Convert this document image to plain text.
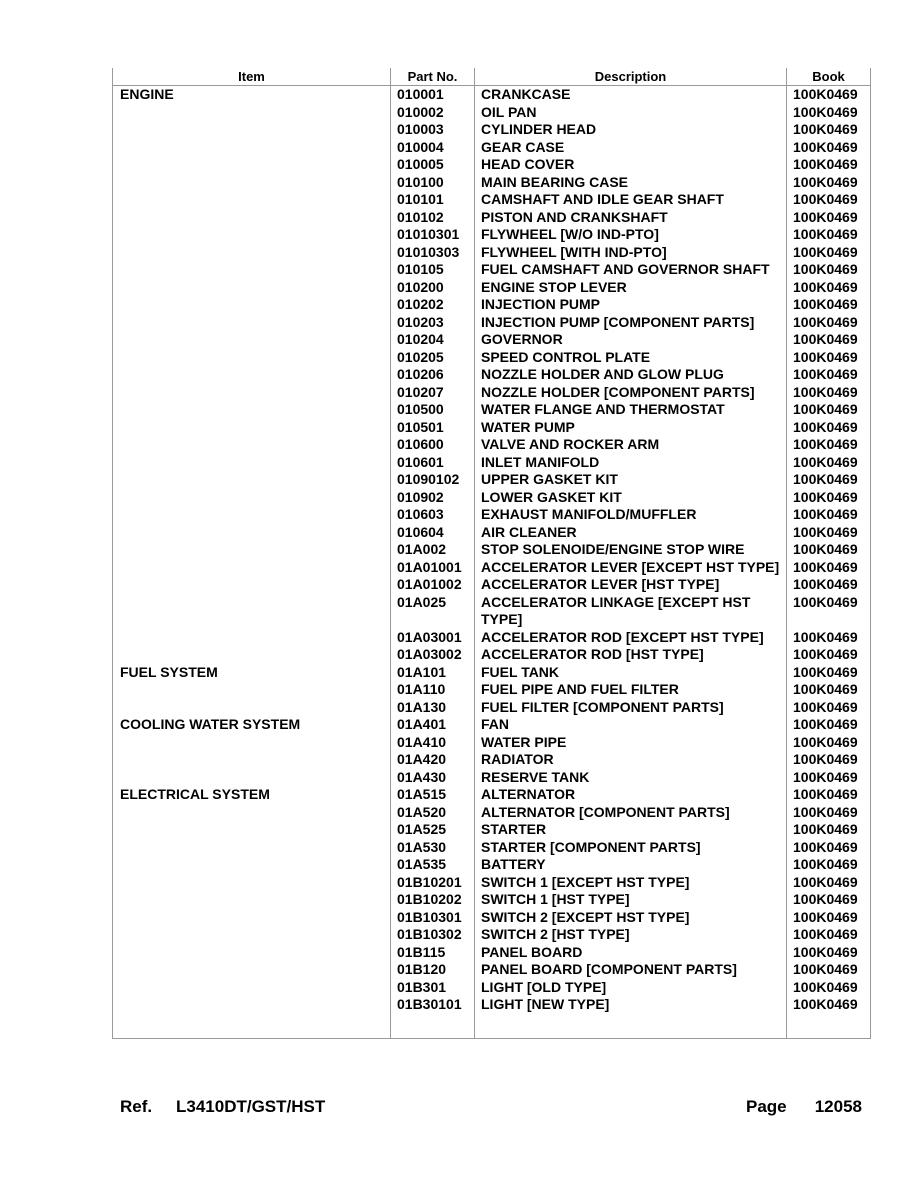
Item	Part No.	Description	Book
ENGINE	010001	CRANKCASE	100K0469
	010002	OIL PAN	100K0469
	010003	CYLINDER HEAD	100K0469
	010004	GEAR CASE	100K0469
	010005	HEAD COVER	100K0469
	010100	MAIN BEARING CASE	100K0469
	010101	CAMSHAFT AND IDLE GEAR SHAFT	100K0469
	010102	PISTON AND CRANKSHAFT	100K0469
	01010301	FLYWHEEL [W/O IND-PTO]	100K0469
	01010303	FLYWHEEL [WITH IND-PTO]	100K0469
	010105	FUEL CAMSHAFT AND GOVERNOR SHAFT	100K0469
	010200	ENGINE STOP LEVER	100K0469
	010202	INJECTION PUMP	100K0469
	010203	INJECTION PUMP [COMPONENT PARTS]	100K0469
	010204	GOVERNOR	100K0469
	010205	SPEED CONTROL PLATE	100K0469
	010206	NOZZLE HOLDER AND GLOW PLUG	100K0469
	010207	NOZZLE HOLDER [COMPONENT PARTS]	100K0469
	010500	WATER FLANGE AND THERMOSTAT	100K0469
	010501	WATER PUMP	100K0469
	010600	VALVE AND ROCKER ARM	100K0469
	010601	INLET MANIFOLD	100K0469
	01090102	UPPER GASKET KIT	100K0469
	010902	LOWER GASKET KIT	100K0469
	010603	EXHAUST MANIFOLD/MUFFLER	100K0469
	010604	AIR CLEANER	100K0469
	01A002	STOP SOLENOIDE/ENGINE STOP WIRE	100K0469
	01A01001	ACCELERATOR LEVER [EXCEPT HST TYPE]	100K0469
	01A01002	ACCELERATOR LEVER [HST TYPE]	100K0469
	01A025	ACCELERATOR LINKAGE [EXCEPT HST TYPE]	100K0469
	01A03001	ACCELERATOR ROD [EXCEPT HST TYPE]	100K0469
	01A03002	ACCELERATOR ROD [HST TYPE]	100K0469
FUEL SYSTEM	01A101	FUEL TANK	100K0469
	01A110	FUEL PIPE AND FUEL FILTER	100K0469
	01A130	FUEL FILTER [COMPONENT PARTS]	100K0469
COOLING WATER SYSTEM	01A401	FAN	100K0469
	01A410	WATER PIPE	100K0469
	01A420	RADIATOR	100K0469
	01A430	RESERVE TANK	100K0469
ELECTRICAL SYSTEM	01A515	ALTERNATOR	100K0469
	01A520	ALTERNATOR [COMPONENT PARTS]	100K0469
	01A525	STARTER	100K0469
	01A530	STARTER [COMPONENT PARTS]	100K0469
	01A535	BATTERY	100K0469
	01B10201	SWITCH 1 [EXCEPT HST TYPE]	100K0469
	01B10202	SWITCH 1 [HST TYPE]	100K0469
	01B10301	SWITCH 2 [EXCEPT HST TYPE]	100K0469
	01B10302	SWITCH 2 [HST TYPE]	100K0469
	01B115	PANEL BOARD	100K0469
	01B120	PANEL BOARD [COMPONENT PARTS]	100K0469
	01B301	LIGHT [OLD TYPE]	100K0469
	01B30101	LIGHT [NEW TYPE]	100K0469

Ref. L3410DT/GST/HST	Page 12058
